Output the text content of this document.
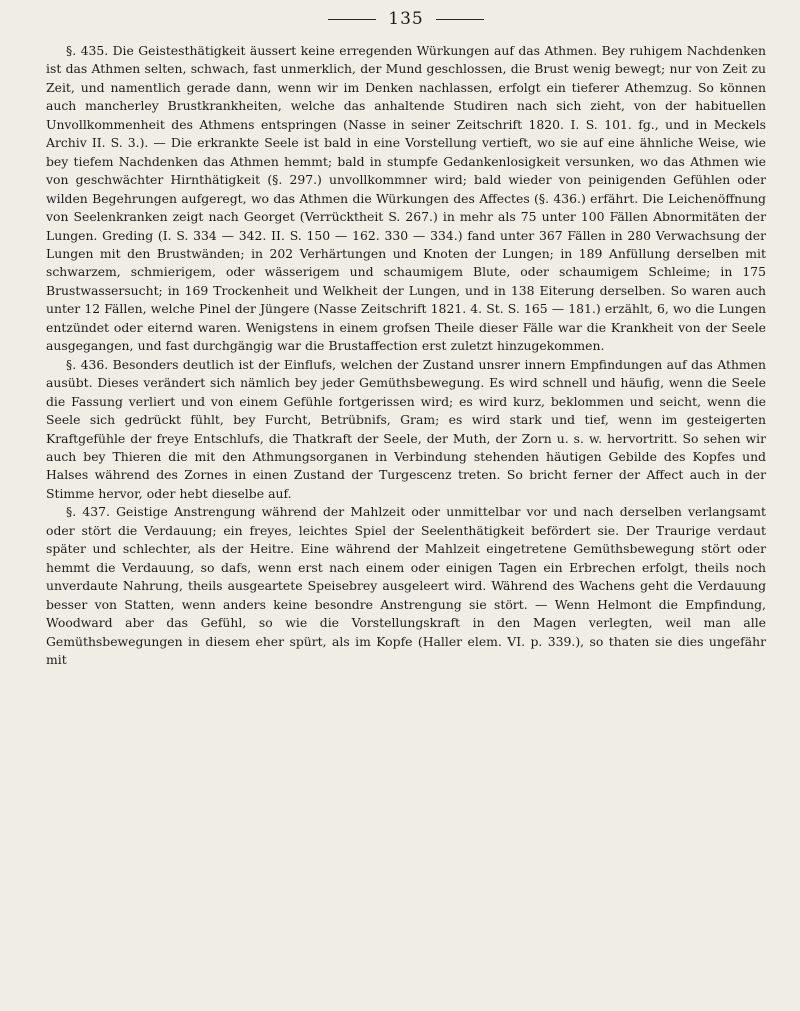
135

§. 435. Die Geistesthätigkeit äussert keine erregenden Würkungen auf das Athmen. Bey ruhigem Nachdenken ist das Athmen selten, schwach, fast unmerklich, der Mund geschlossen, die Brust wenig bewegt; nur von Zeit zu Zeit, und namentlich gerade dann, wenn wir im Denken nachlassen, erfolgt ein tieferer Athemzug. So können auch mancherley Brustkrankheiten, welche das anhaltende Studiren nach sich zieht, von der habituellen Unvollkommenheit des Athmens entspringen (Nasse in seiner Zeitschrift 1820. I. S. 101. fg., und in Meckels Archiv II. S. 3.). — Die erkrankte Seele ist bald in eine Vorstellung vertieft, wo sie auf eine ähnliche Weise, wie bey tiefem Nachdenken das Athmen hemmt; bald in stumpfe Gedankenlosigkeit versunken, wo das Athmen wie von geschwächter Hirnthätigkeit (§. 297.) unvollkommner wird; bald wieder von peinigenden Gefühlen oder wilden Begehrungen aufgeregt, wo das Athmen die Würkungen des Affectes (§. 436.) erfährt. Die Leichenöffnung von Seelenkranken zeigt nach Georget (Verrücktheit S. 267.) in mehr als 75 unter 100 Fällen Abnormitäten der Lungen. Greding (I. S. 334 — 342. II. S. 150 — 162. 330 — 334.) fand unter 367 Fällen in 280 Verwachsung der Lungen mit den Brustwänden; in 202 Verhärtungen und Knoten der Lungen; in 189 Anfüllung derselben mit schwarzem, schmierigem, oder wässerigem und schaumigem Blute, oder schaumigem Schleime; in 175 Brustwassersucht; in 169 Trockenheit und Welkheit der Lungen, und in 138 Eiterung derselben. So waren auch unter 12 Fällen, welche Pinel der Jüngere (Nasse Zeitschrift 1821. 4. St. S. 165 — 181.) erzählt, 6, wo die Lungen entzündet oder eiternd waren. Wenigstens in einem grofsen Theile dieser Fälle war die Krankheit von der Seele ausgegangen, und fast durchgängig war die Brustaffection erst zuletzt hinzugekommen.

§. 436. Besonders deutlich ist der Einflufs, welchen der Zustand unsrer innern Empfindungen auf das Athmen ausübt. Dieses verändert sich nämlich bey jeder Gemüthsbewegung. Es wird schnell und häufig, wenn die Seele die Fassung verliert und von einem Gefühle fortgerissen wird; es wird kurz, beklommen und seicht, wenn die Seele sich gedrückt fühlt, bey Furcht, Betrübnifs, Gram; es wird stark und tief, wenn im gesteigerten Kraftgefühle der freye Entschlufs, die Thatkraft der Seele, der Muth, der Zorn u. s. w. hervortritt. So sehen wir auch bey Thieren die mit den Athmungsorganen in Verbindung stehenden häutigen Gebilde des Kopfes und Halses während des Zornes in einen Zustand der Turgescenz treten. So bricht ferner der Affect auch in der Stimme hervor, oder hebt dieselbe auf.

§. 437. Geistige Anstrengung während der Mahlzeit oder unmittelbar vor und nach derselben verlangsamt oder stört die Verdauung; ein freyes, leichtes Spiel der Seelenthätigkeit befördert sie. Der Traurige verdaut später und schlechter, als der Heitre. Eine während der Mahlzeit eingetretene Gemüthsbewegung stört oder hemmt die Verdauung, so dafs, wenn erst nach einem oder einigen Tagen ein Erbrechen erfolgt, theils noch unverdaute Nahrung, theils ausgeartete Speisebrey ausgeleert wird. Während des Wachens geht die Verdauung besser von Statten, wenn anders keine besondre Anstrengung sie stört. — Wenn Helmont die Empfindung, Woodward aber das Gefühl, so wie die Vorstellungskraft in den Magen verlegten, weil man alle Gemüthsbewegungen in diesem eher spürt, als im Kopfe (Haller elem. VI. p. 339.), so thaten sie dies ungefähr mit
